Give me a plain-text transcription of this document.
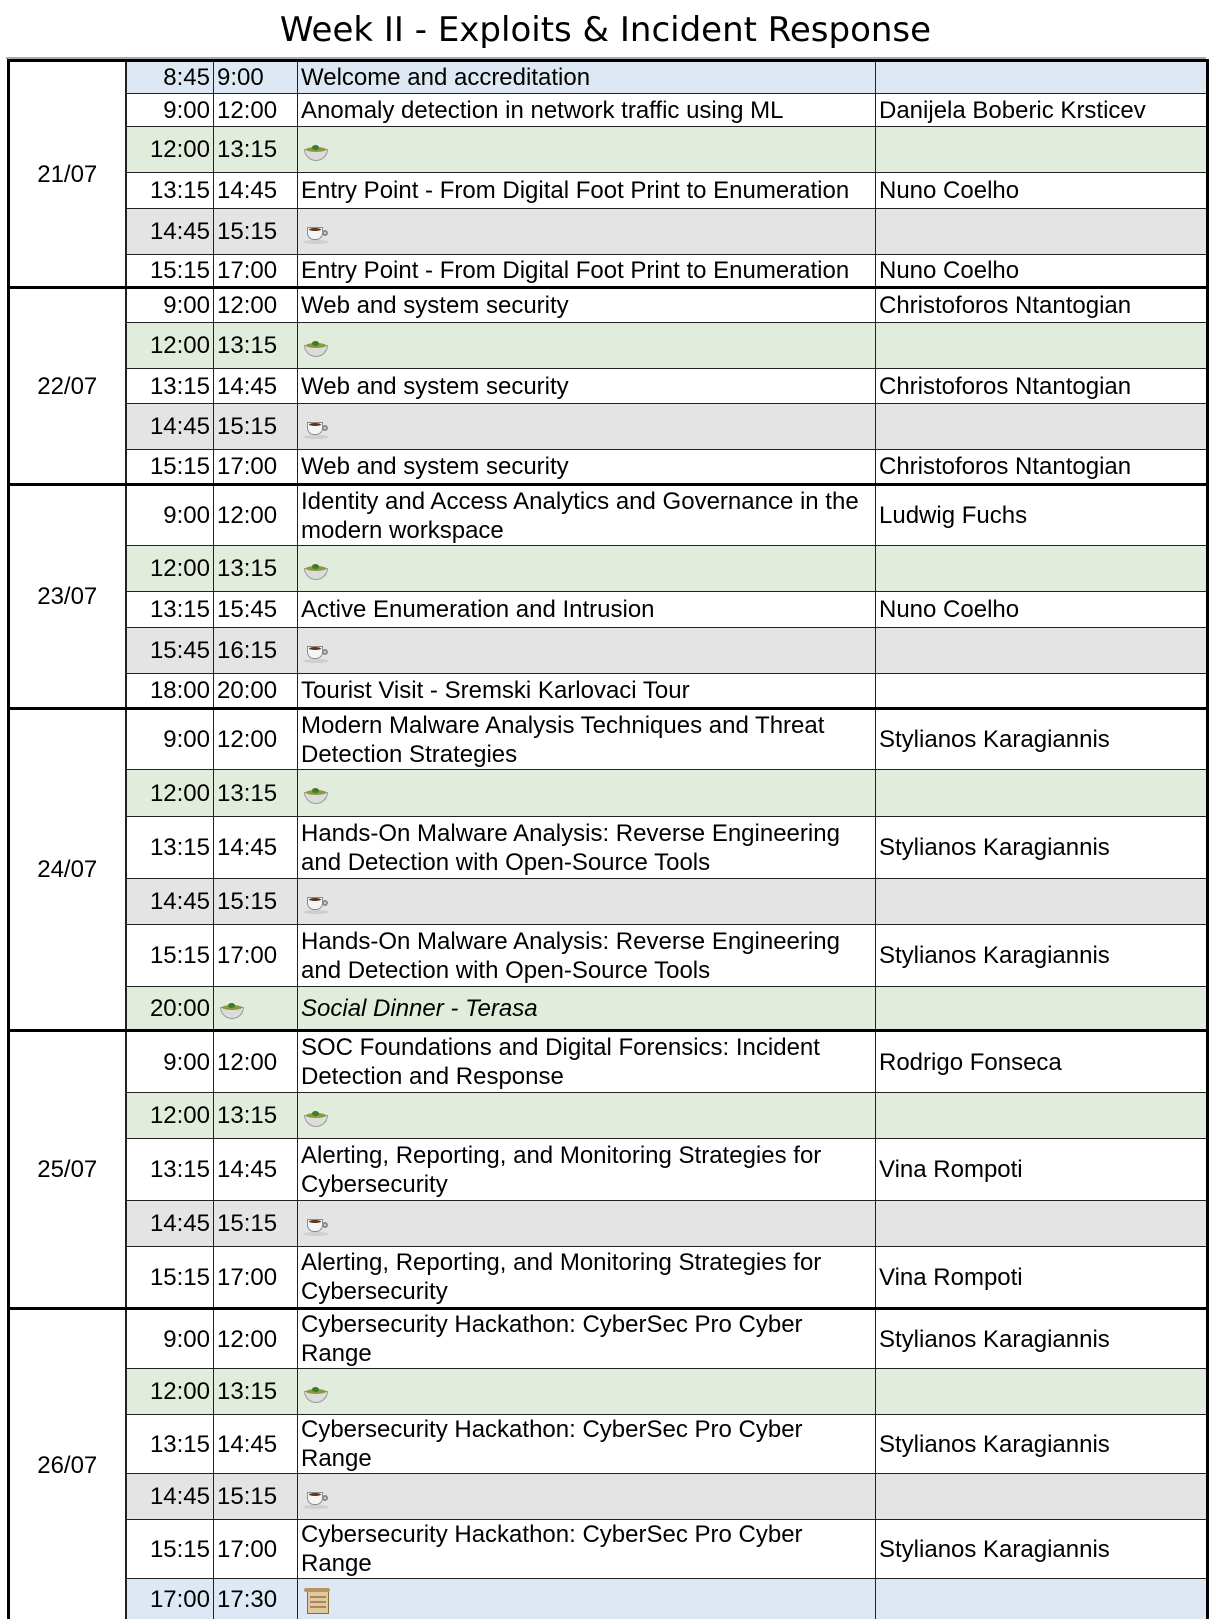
Week II - Exploits & Incident Response
21/07	8:45	9:00	Welcome and accreditation	
	9:00	12:00	Anomaly detection in network traffic using ML	Danijela Boberic Krsticev
	12:00	13:15	

	13:15	14:45	Entry Point - From Digital Foot Print to Enumeration	Nuno Coelho
	14:45	15:15	

	15:15	17:00	Entry Point - From Digital Foot Print to Enumeration	Nuno Coelho
22/07	9:00	12:00	Web and system security	Christoforos Ntantogian
	12:00	13:15	

	13:15	14:45	Web and system security	Christoforos Ntantogian
	14:45	15:15	

	15:15	17:00	Web and system security	Christoforos Ntantogian
23/07	9:00	12:00	Identity and Access Analytics and Governance in the modern workspace	Ludwig Fuchs
	12:00	13:15	

	13:15	15:45	Active Enumeration and Intrusion	Nuno Coelho
	15:45	16:15	

	18:00	20:00	Tourist Visit - Sremski Karlovaci Tour	
24/07	9:00	12:00	Modern Malware Analysis Techniques and Threat Detection Strategies	Stylianos Karagiannis
	12:00	13:15	

	13:15	14:45	Hands-On Malware Analysis: Reverse Engineering and Detection with Open-Source Tools	Stylianos Karagiannis
	14:45	15:15	

	15:15	17:00	Hands-On Malware Analysis: Reverse Engineering and Detection with Open-Source Tools	Stylianos Karagiannis
	20:00		Social Dinner - Terasa	
25/07	9:00	12:00	SOC Foundations and Digital Forensics: Incident Detection and Response	Rodrigo Fonseca
	12:00	13:15	

	13:15	14:45	Alerting, Reporting, and Monitoring Strategies for Cybersecurity	Vina Rompoti
	14:45	15:15	

	15:15	17:00	Alerting, Reporting, and Monitoring Strategies for Cybersecurity	Vina Rompoti
26/07	9:00	12:00	Cybersecurity Hackathon: CyberSec Pro Cyber Range	Stylianos Karagiannis
	12:00	13:15	

	13:15	14:45	Cybersecurity Hackathon: CyberSec Pro Cyber Range	Stylianos Karagiannis
	14:45	15:15	

	15:15	17:00	Cybersecurity Hackathon: CyberSec Pro Cyber Range	Stylianos Karagiannis
	17:00	17:30	
